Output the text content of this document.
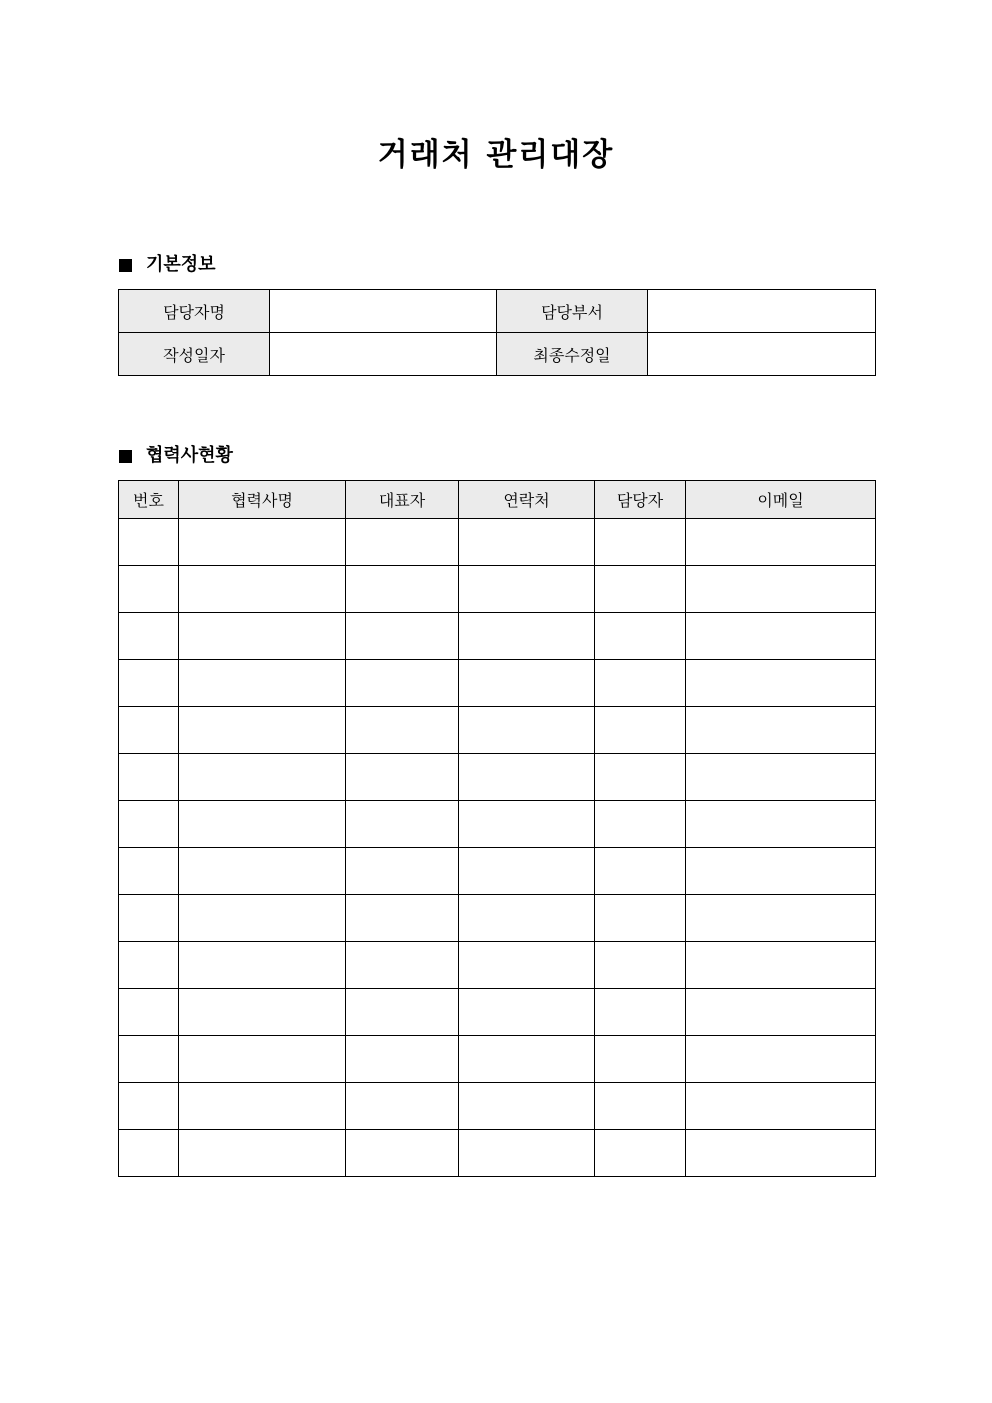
거래처 관리대장
기본정보
담당자명		담당부서	
작성일자		최종수정일	
협력사현황
번호	협력사명	대표자	연락처	담당자	이메일
